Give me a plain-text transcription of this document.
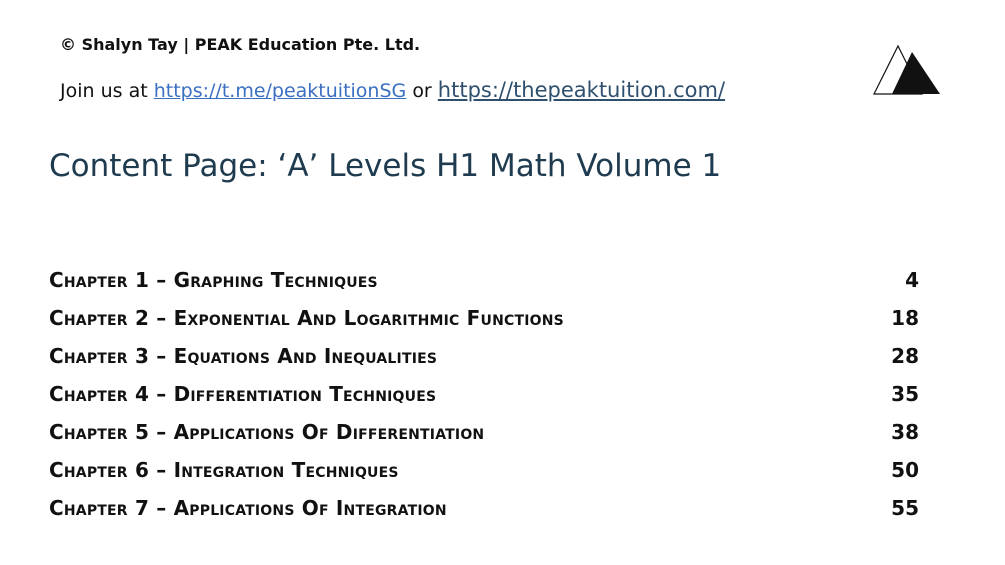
© Shalyn Tay | PEAK Education Pte. Ltd.
Join us at https://t.me/peaktuitionSG or https://thepeaktuition.com/
Content Page: ‘A’ Levels H1 Math Volume 1
Chapter 1 – Graphing Techniques	4
Chapter 2 – Exponential And Logarithmic Functions	18
Chapter 3 – Equations And Inequalities	28
Chapter 4 – Differentiation Techniques	35
Chapter 5 – Applications Of Differentiation	38
Chapter 6 – Integration Techniques	50
Chapter 7 – Applications Of Integration	55
